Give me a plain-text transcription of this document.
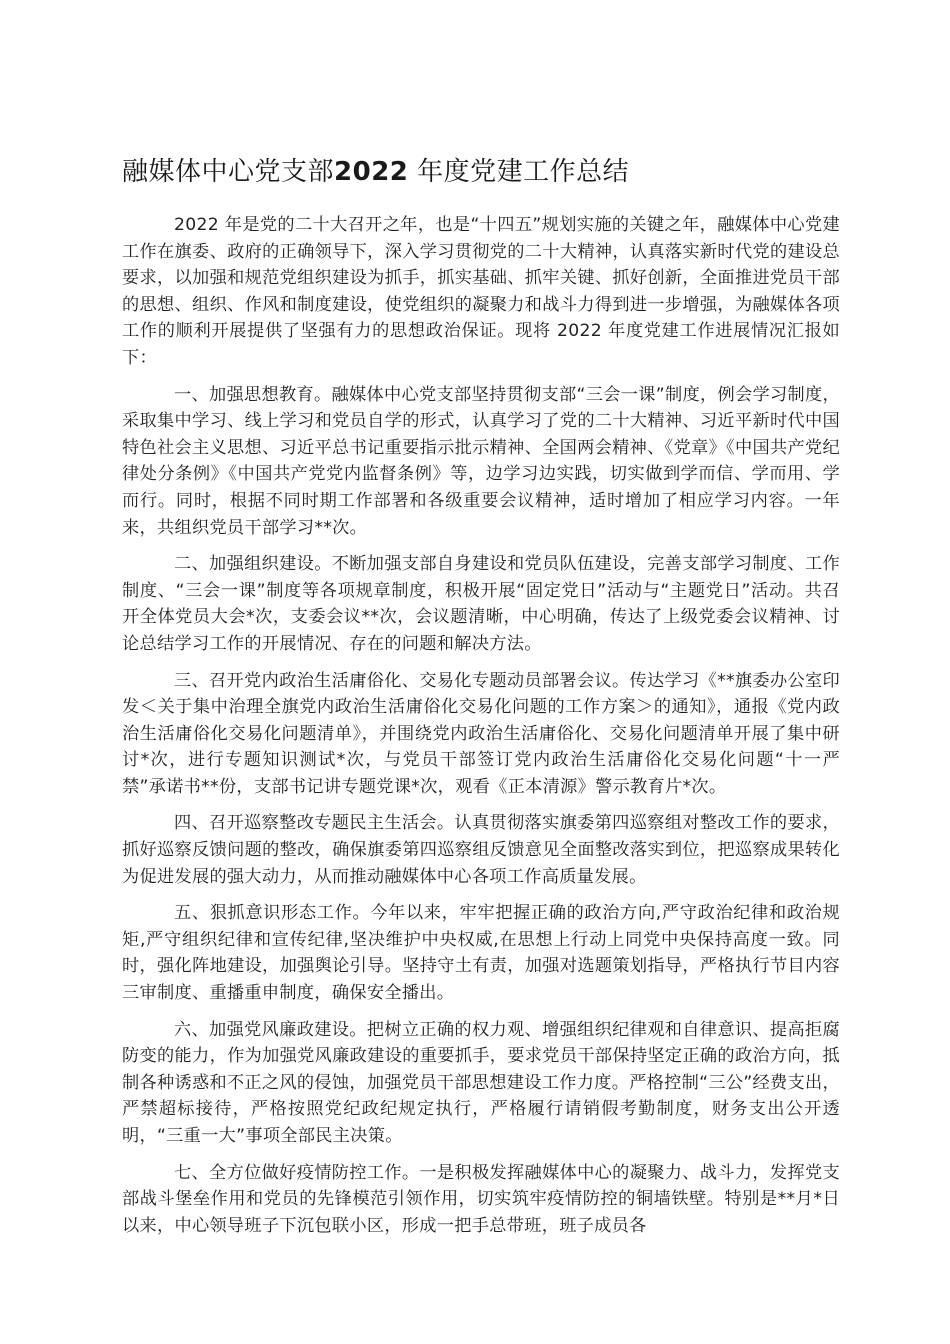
融媒体中心党支部2022 年度党建工作总结

2022 年是党的二十大召开之年，也是“十四五”规划实施的关键之年，融媒体中心党建工作在旗委、政府的正确领导下，深入学习贯彻党的二十大精神，认真落实新时代党的建设总要求，以加强和规范党组织建设为抓手，抓实基础、抓牢关键、抓好创新，全面推进党员干部的思想、组织、作风和制度建设，使党组织的凝聚力和战斗力得到进一步增强，为融媒体各项工作的顺利开展提供了坚强有力的思想政治保证。现将 2022 年度党建工作进展情况汇报如下：

一、加强思想教育。融媒体中心党支部坚持贯彻支部“三会一课”制度，例会学习制度，采取集中学习、线上学习和党员自学的形式，认真学习了党的二十大精神、习近平新时代中国特色社会主义思想、习近平总书记重要指示批示精神、全国两会精神、《党章》《中国共产党纪律处分条例》《中国共产党党内监督条例》等，边学习边实践，切实做到学而信、学而用、学而行。同时，根据不同时期工作部署和各级重要会议精神，适时增加了相应学习内容。一年来，共组织党员干部学习**次。

二、加强组织建设。不断加强支部自身建设和党员队伍建设，完善支部学习制度、工作制度、“三会一课”制度等各项规章制度，积极开展“固定党日”活动与“主题党日”活动。共召开全体党员大会*次，支委会议**次，会议题清晰，中心明确，传达了上级党委会议精神、讨论总结学习工作的开展情况、存在的问题和解决方法。

三、召开党内政治生活庸俗化、交易化专题动员部署会议。传达学习《**旗委办公室印发＜关于集中治理全旗党内政治生活庸俗化交易化问题的工作方案＞的通知》，通报《党内政治生活庸俗化交易化问题清单》，并围绕党内政治生活庸俗化、交易化问题清单开展了集中研讨*次，进行专题知识测试*次，与党员干部签订党内政治生活庸俗化交易化问题“十一严禁”承诺书**份，支部书记讲专题党课*次，观看《正本清源》警示教育片*次。

四、召开巡察整改专题民主生活会。认真贯彻落实旗委第四巡察组对整改工作的要求，抓好巡察反馈问题的整改，确保旗委第四巡察组反馈意见全面整改落实到位，把巡察成果转化为促进发展的强大动力，从而推动融媒体中心各项工作高质量发展。

五、狠抓意识形态工作。今年以来，牢牢把握正确的政治方向,严守政治纪律和政治规矩,严守组织纪律和宣传纪律,坚决维护中央权威,在思想上行动上同党中央保持高度一致。同时，强化阵地建设，加强舆论引导。坚持守土有责，加强对选题策划指导，严格执行节目内容三审制度、重播重申制度，确保安全播出。

六、加强党风廉政建设。把树立正确的权力观、增强组织纪律观和自律意识、提高拒腐防变的能力，作为加强党风廉政建设的重要抓手，要求党员干部保持坚定正确的政治方向，抵制各种诱惑和不正之风的侵蚀，加强党员干部思想建设工作力度。严格控制“三公”经费支出，严禁超标接待，严格按照党纪政纪规定执行，严格履行请销假考勤制度，财务支出公开透明，“三重一大”事项全部民主决策。

七、全方位做好疫情防控工作。一是积极发挥融媒体中心的凝聚力、战斗力，发挥党支部战斗堡垒作用和党员的先锋模范引领作用，切实筑牢疫情防控的铜墙铁壁。特别是**月*日以来，中心领导班子下沉包联小区，形成一把手总带班，班子成员各
